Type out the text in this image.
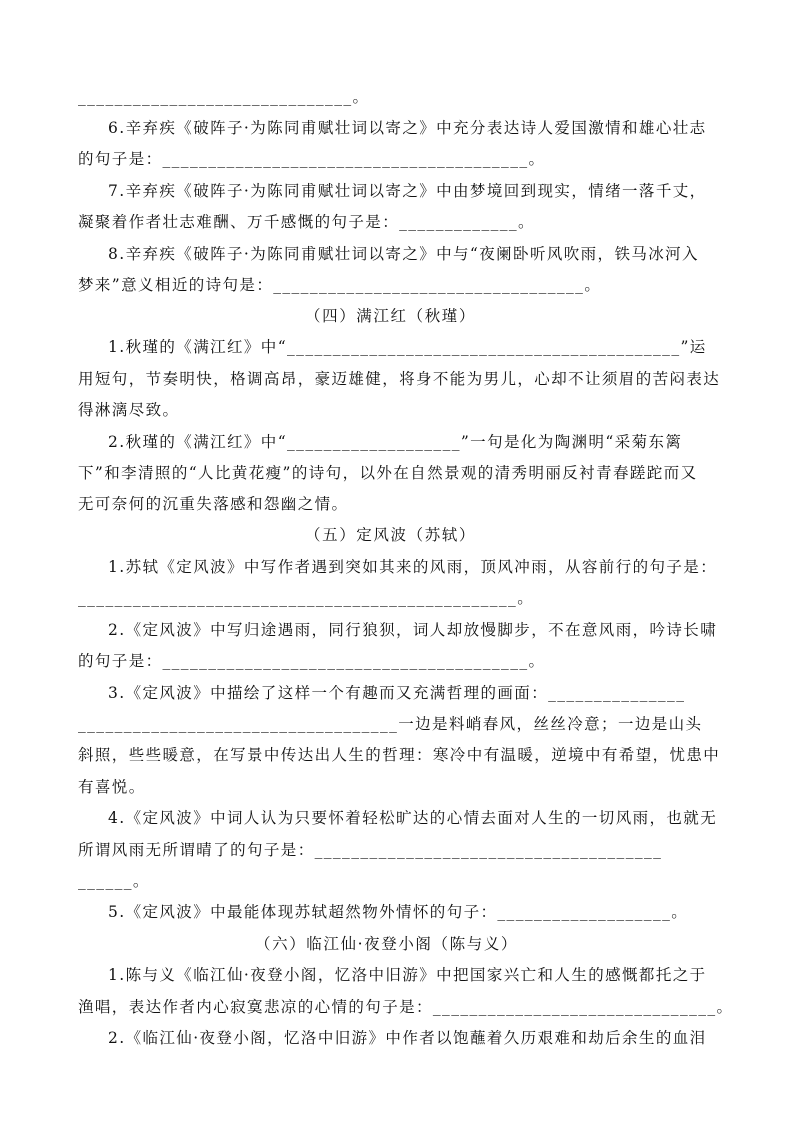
______________________________。
6.辛弃疾《破阵子·为陈同甫赋壮词以寄之》中充分表达诗人爱国激情和雄心壮志
的句子是：________________________________________。
7.辛弃疾《破阵子·为陈同甫赋壮词以寄之》中由梦境回到现实，情绪一落千丈，
凝聚着作者壮志难酬、万千感慨的句子是：_____________。
8.辛弃疾《破阵子·为陈同甫赋壮词以寄之》中与“夜阑卧听风吹雨，铁马冰河入
梦来”意义相近的诗句是：__________________________________。
（四）满江红（秋瑾）
1.秋瑾的《满江红》中“___________________________________________”运
用短句，节奏明快，格调高昂，豪迈雄健，将身不能为男儿，心却不让须眉的苦闷表达
得淋漓尽致。
2.秋瑾的《满江红》中“___________________”一句是化为陶渊明“采菊东篱
下”和李清照的“人比黄花瘦”的诗句，以外在自然景观的清秀明丽反衬青春蹉跎而又
无可奈何的沉重失落感和怨幽之情。
（五）定风波（苏轼）
1.苏轼《定风波》中写作者遇到突如其来的风雨，顶风冲雨，从容前行的句子是：
________________________________________________。
2.《定风波》中写归途遇雨，同行狼狈，词人却放慢脚步，不在意风雨，吟诗长啸
的句子是：________________________________________。
3.《定风波》中描绘了这样一个有趣而又充满哲理的画面：_______________
___________________________________一边是料峭春风，丝丝冷意；一边是山头
斜照，些些暖意，在写景中传达出人生的哲理：寒冷中有温暖，逆境中有希望，忧患中
有喜悦。
4.《定风波》中词人认为只要怀着轻松旷达的心情去面对人生的一切风雨，也就无
所谓风雨无所谓晴了的句子是：______________________________________
______。
5.《定风波》中最能体现苏轼超然物外情怀的句子：___________________。
（六）临江仙·夜登小阁（陈与义）
1.陈与义《临江仙·夜登小阁，忆洛中旧游》中把国家兴亡和人生的感慨都托之于
渔唱，表达作者内心寂寞悲凉的心情的句子是：_______________________________。
2.《临江仙·夜登小阁，忆洛中旧游》中作者以饱蘸着久历艰难和劫后余生的血泪
